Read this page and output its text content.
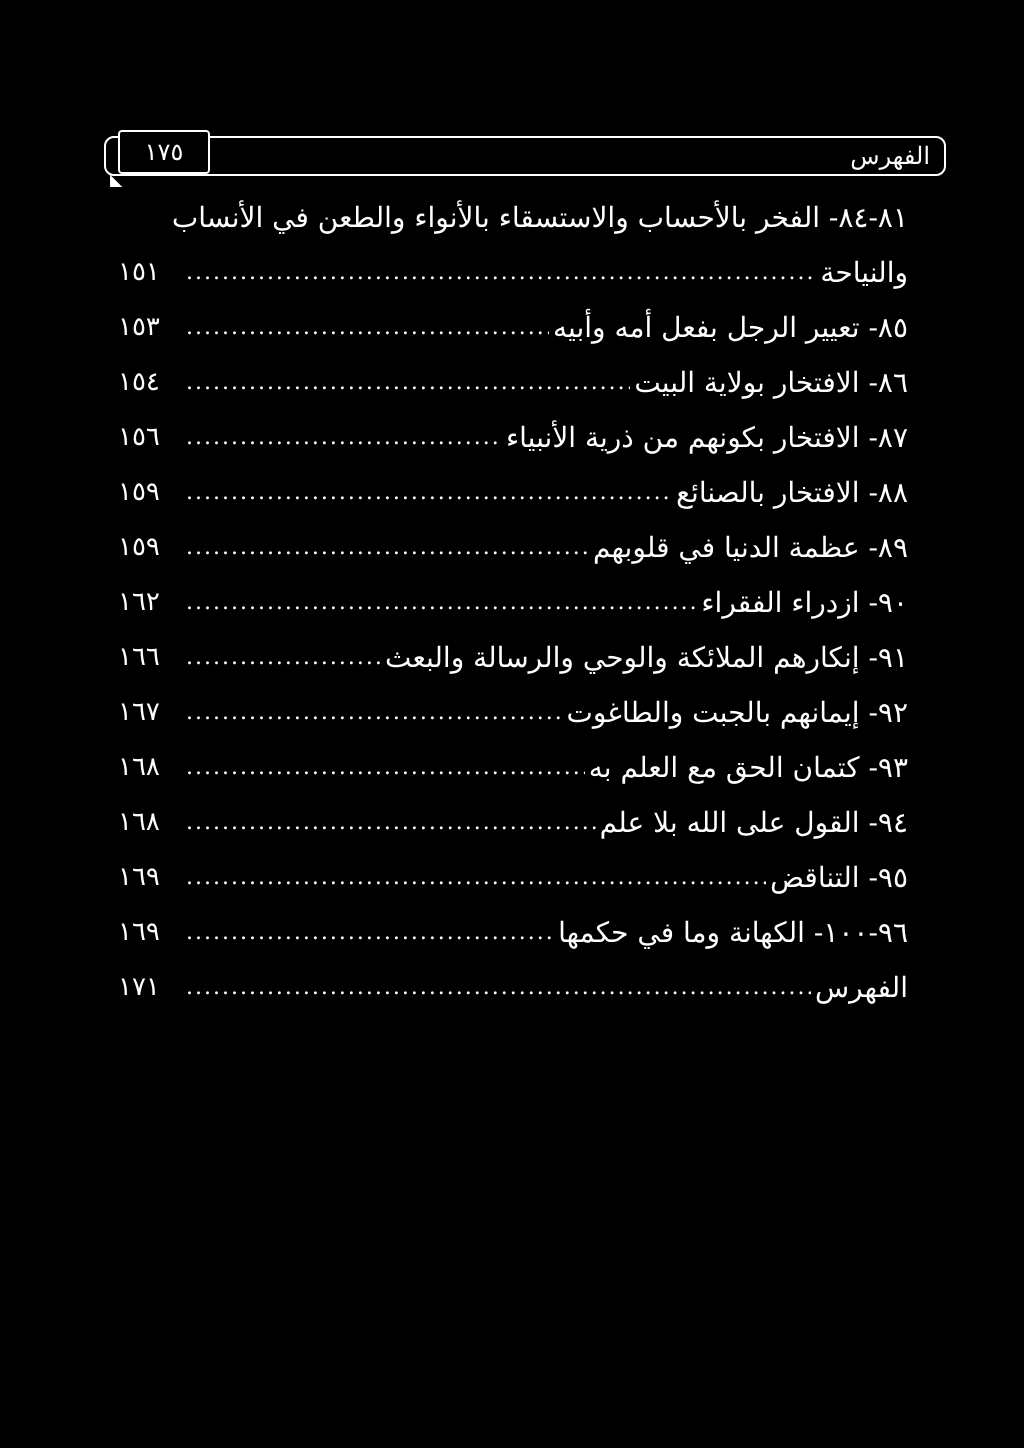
١٧٥
◣
الفهرس
٨١-٨٤- الفخر بالأحساب والاستسقاء بالأنواء والطعن في الأنساب
والنياحة
.....
١٥١
٨٥- تعيير الرجل بفعل أمه وأبيه
.....
١٥٣
٨٦- الافتخار بولاية البيت
.....
١٥٤
٨٧- الافتخار بكونهم من ذرية الأنبياء
.....
١٥٦
٨٨- الافتخار بالصنائع
.....
١٥٩
٨٩- عظمة الدنيا في قلوبهم
.....
١٥٩
٩٠- ازدراء الفقراء
.....
١٦٢
٩١- إنكارهم الملائكة والوحي والرسالة والبعث
.....
١٦٦
٩٢- إيمانهم بالجبت والطاغوت
.....
١٦٧
٩٣- كتمان الحق مع العلم به
.....
١٦٨
٩٤- القول على الله بلا علم
.....
١٦٨
٩٥- التناقض
.....
١٦٩
٩٦-١٠٠- الكهانة وما في حكمها
.....
١٦٩
الفهرس
.....
١٧١
